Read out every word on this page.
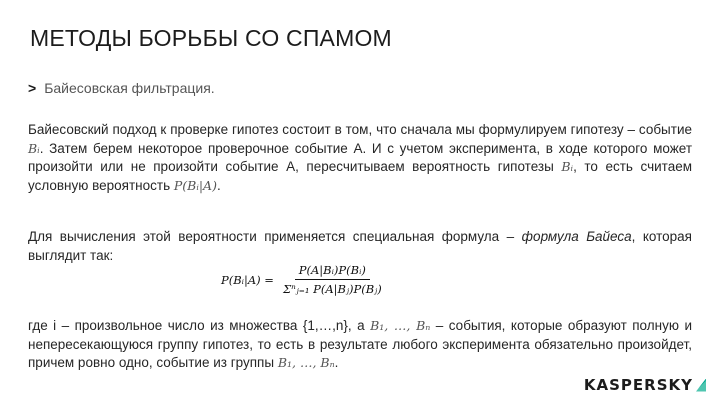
МЕТОДЫ БОРЬБЫ СО СПАМОМ
> Байесовская фильтрация.
Байесовский подход к проверке гипотез состоит в том, что сначала мы формулируем гипотезу – событие Bᵢ. Затем берем некоторое проверочное событие А. И с учетом эксперимента, в ходе которого может произойти или не произойти событие А, пересчитываем вероятность гипотезы Bᵢ, то есть считаем условную вероятность P(Bᵢ|A).
Для вычисления этой вероятности применяется специальная формула – формула Байеса, которая выглядит так:
P(Bᵢ|A) = $\frac{\text{P(A|Bᵢ)P(Bᵢ)}}{\text{Σⁿⱼ₌₁ P(A|Bⱼ)P(Bⱼ)}}$
где i – произвольное число из множества {1,…,n}, а B₁, …, Bₙ – события, которые образуют полную и непересекающуюся группу гипотез, то есть в результате любого эксперимента обязательно произойдет, причем ровно одно, событие из группы B₁, …, Bₙ.
KASPERSKY
